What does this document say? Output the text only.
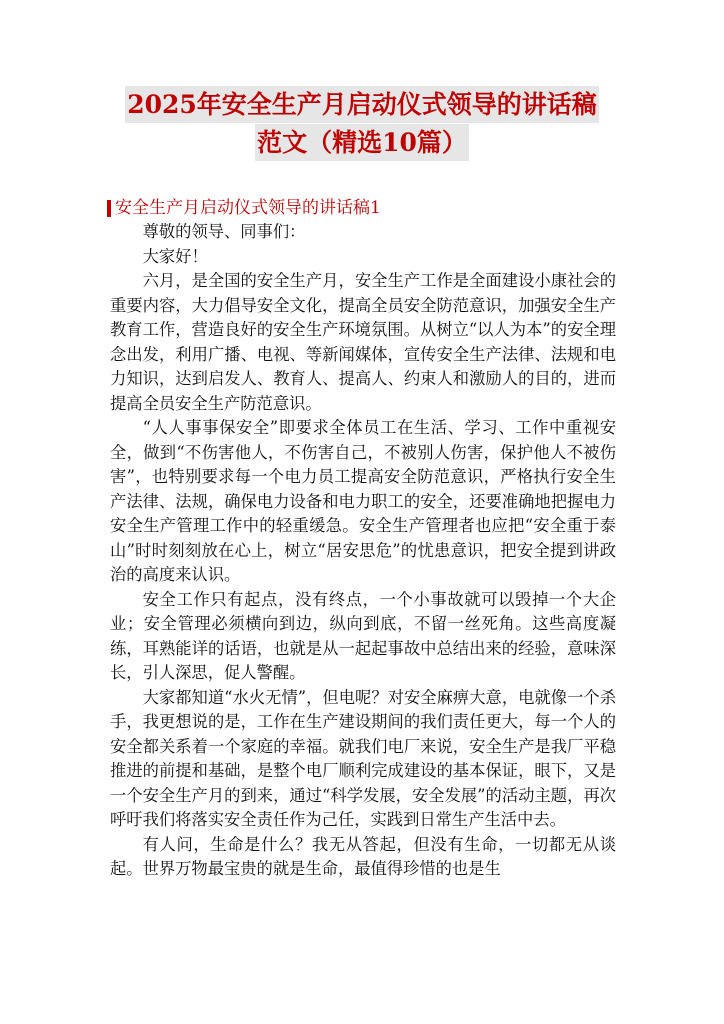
2025年安全生产月启动仪式领导的讲话稿
范文（精选10篇）
安全生产月启动仪式领导的讲话稿1

尊敬的领导、同事们：

大家好！

六月，是全国的安全生产月，安全生产工作是全面建设小康社会的重要内容，大力倡导安全文化，提高全员安全防范意识，加强安全生产教育工作，营造良好的安全生产环境氛围。从树立“以人为本”的安全理念出发，利用广播、电视、等新闻媒体，宣传安全生产法律、法规和电力知识，达到启发人、教育人、提高人、约束人和激励人的目的，进而提高全员安全生产防范意识。

“人人事事保安全”即要求全体员工在生活、学习、工作中重视安全，做到“不伤害他人，不伤害自己，不被别人伤害，保护他人不被伤害”，也特别要求每一个电力员工提高安全防范意识，严格执行安全生产法律、法规，确保电力设备和电力职工的安全，还要准确地把握电力安全生产管理工作中的轻重缓急。安全生产管理者也应把“安全重于泰山”时时刻刻放在心上，树立“居安思危”的忧患意识，把安全提到讲政治的高度来认识。

安全工作只有起点，没有终点，一个小事故就可以毁掉一个大企业；安全管理必须横向到边，纵向到底，不留一丝死角。这些高度凝练，耳熟能详的话语，也就是从一起起事故中总结出来的经验，意味深长，引人深思，促人警醒。

大家都知道“水火无情”，但电呢？对安全麻痹大意，电就像一个杀手，我更想说的是，工作在生产建设期间的我们责任更大，每一个人的安全都关系着一个家庭的幸福。就我们电厂来说，安全生产是我厂平稳推进的前提和基础，是整个电厂顺利完成建设的基本保证，眼下，又是一个安全生产月的到来，通过“科学发展，安全发展”的活动主题，再次呼吁我们将落实安全责任作为己任，实践到日常生产生活中去。

有人问，生命是什么？我无从答起，但没有生命，一切都无从谈起。世界万物最宝贵的就是生命，最值得珍惜的也是生
